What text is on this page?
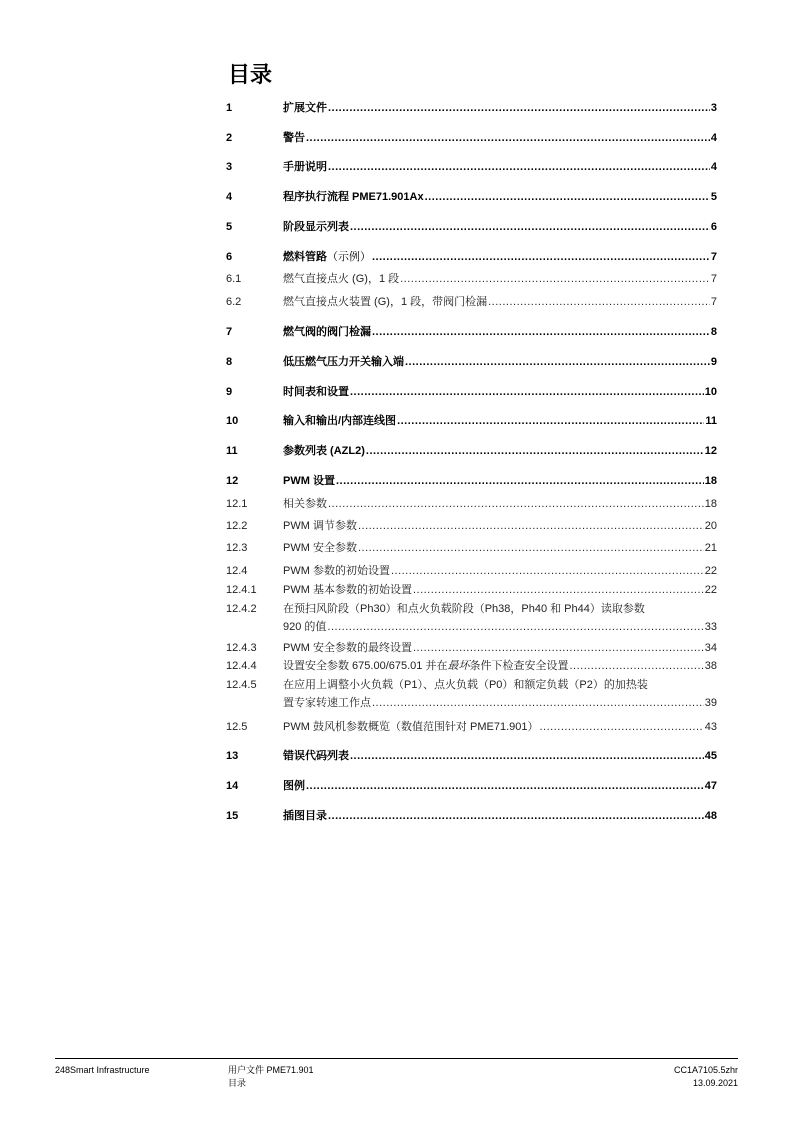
目录
1	扩展文件 .....	3
2	警告 .....	4
3	手册说明 .....	4
4	程序执行流程 PME71.901Ax .....	5
5	阶段显示列表 .....	6
6	燃料管路 （示例） .....	7
6.1	燃气直接点火 (G)，1 段 .....	7
6.2	燃气直接点火装置 (G)，1 段，带阀门检漏 .....	7
7	燃气阀的阀门检漏 .....	8
8	低压燃气压力开关输入端 .....	9
9	时间表和设置 .....	10
10	输入和输出/内部连线图 .....	11
11	参数列表 (AZL2) .....	12
12	PWM 设置 .....	18
12.1	相关参数 .....	18
12.2	PWM 调节参数 .....	20
12.3	PWM 安全参数 .....	21
12.4	PWM 参数的初始设置 .....	22
12.4.1 PWM 基本参数的初始设置 .....	22
12.4.2 在预扫风阶段（Ph30）和点火负载阶段（Ph38，Ph40 和 Ph44）读取参数
920 的值 .....	33
12.4.3 PWM 安全参数的最终设置 .....	34
12.4.4 设置安全参数 675.00/675.01 并在 最坏 条件下检查安全设置 .....	38
12.4.5 在应用上调整小火负载（P1）、点火负载（P0）和额定负载（P2）的加热装
置专家转速工作点 .....	39
12.5	PWM 鼓风机参数概览（数值范围针对 PME71.901） .....	43
13	错误代码列表 .....	45
14	图例 .....	47
15	插图目录 .....	48
248Smart Infrastructure	用户文件 PME71.901
目录
CC1A7105.5zhr
13.09.2021
